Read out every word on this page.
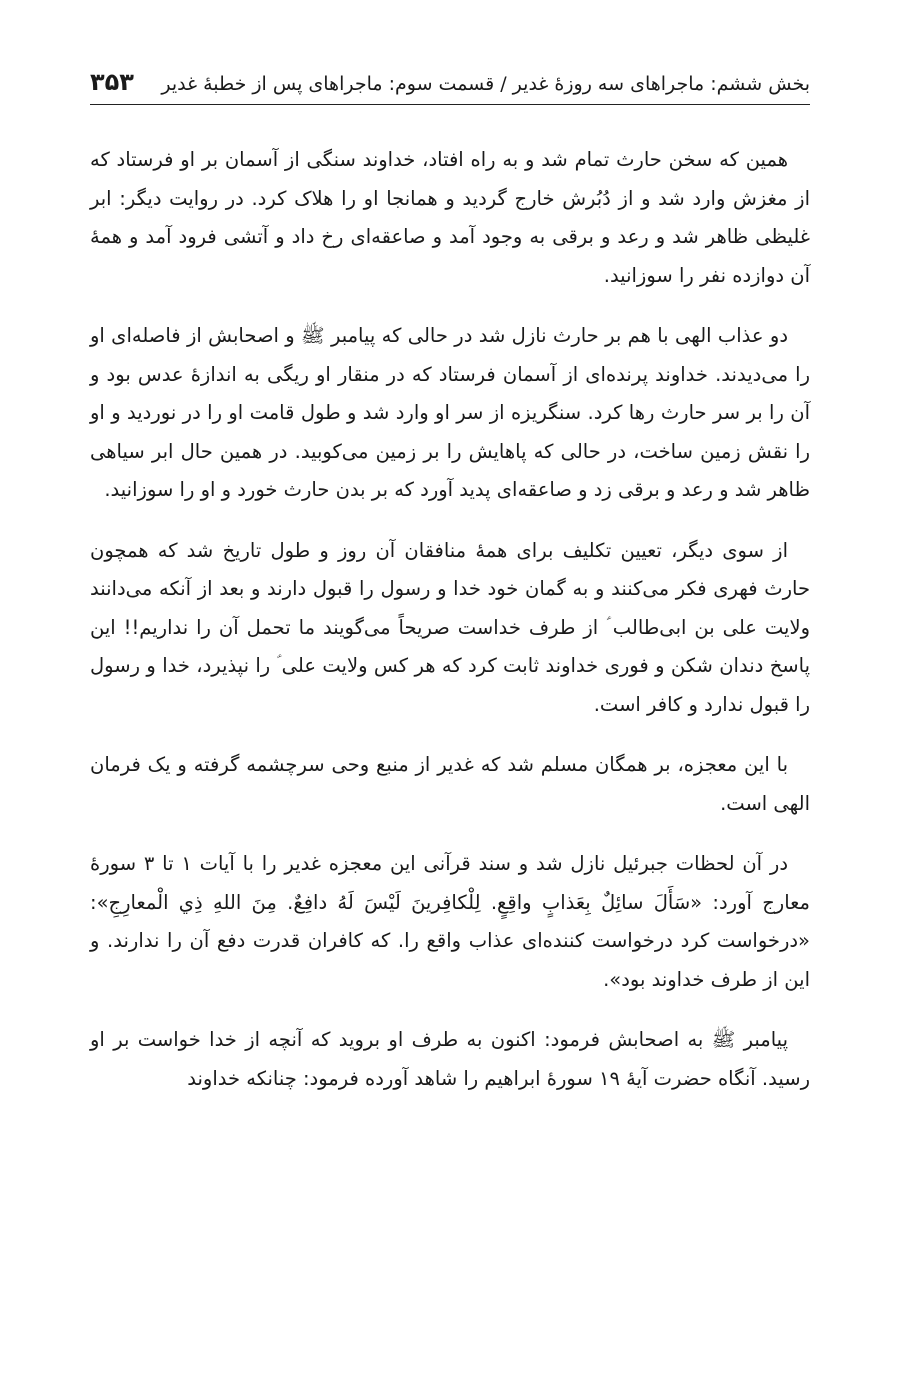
بخش ششم: ماجراهای سه روزهٔ غدیر / قسمت سوم: ماجراهای پس از خطبهٔ غدیر
۳۵۳

همین که سخن حارث تمام شد و به راه افتاد، خداوند سنگی از آسمان بر او فرستاد که از مغزش وارد شد و از دُبُرش خارج گردید و همانجا او را هلاک کرد. در روایت دیگر: ابر غلیظی ظاهر شد و رعد و برقی به وجود آمد و صاعقه‌ای رخ داد و آتشی فرود آمد و همهٔ آن دوازده نفر را سوزانید.

دو عذاب الهی با هم بر حارث نازل شد در حالی که پیامبر ﷺ و اصحابش از فاصله‌ای او را می‌دیدند. خداوند پرنده‌ای از آسمان فرستاد که در منقار او ریگی به اندازهٔ عدس بود و آن را بر سر حارث رها کرد. سنگریزه از سر او وارد شد و طول قامت او را در نوردید و او را نقش زمین ساخت، در حالی که پاهایش را بر زمین می‌کوبید. در همین حال ابر سیاهی ظاهر شد و رعد و برقی زد و صاعقه‌ای پدید آورد که بر بدن حارث خورد و او را سوزانید.

از سوی دیگر، تعیین تکلیف برای همهٔ منافقان آن روز و طول تاریخ شد که همچون حارث فهری فکر می‌کنند و به گمان خود خدا و رسول را قبول دارند و بعد از آنکه می‌دانند ولایت علی بن ابی‌طالب ؑ از طرف خداست صریحاً می‌گویند ما تحمل آن را نداریم!! این پاسخ دندان شکن و فوری خداوند ثابت کرد که هر کس ولایت علی ؑ را نپذیرد، خدا و رسول را قبول ندارد و کافر است.

با این معجزه، بر همگان مسلم شد که غدیر از منبع وحی سرچشمه گرفته و یک فرمان الهی است.

در آن لحظات جبرئیل نازل شد و سند قرآنی این معجزه غدیر را با آیات ۱ تا ۳ سورهٔ معارج آورد: «سَأَلَ سائِلٌ بِعَذابٍ واقِعٍ. لِلْكافِرينَ لَيْسَ لَهُ دافِعٌ. مِنَ اللهِ ذِي الْمعارِجِ»: «درخواست کرد درخواست کننده‌ای عذاب واقع را. که کافران قدرت دفع آن را ندارند. و این از طرف خداوند بود».

پیامبر ﷺ به اصحابش فرمود: اکنون به طرف او بروید که آنچه از خدا خواست بر او رسید. آنگاه حضرت آیهٔ ۱۹ سورهٔ ابراهیم را شاهد آورده فرمود: چنانکه خداوند
